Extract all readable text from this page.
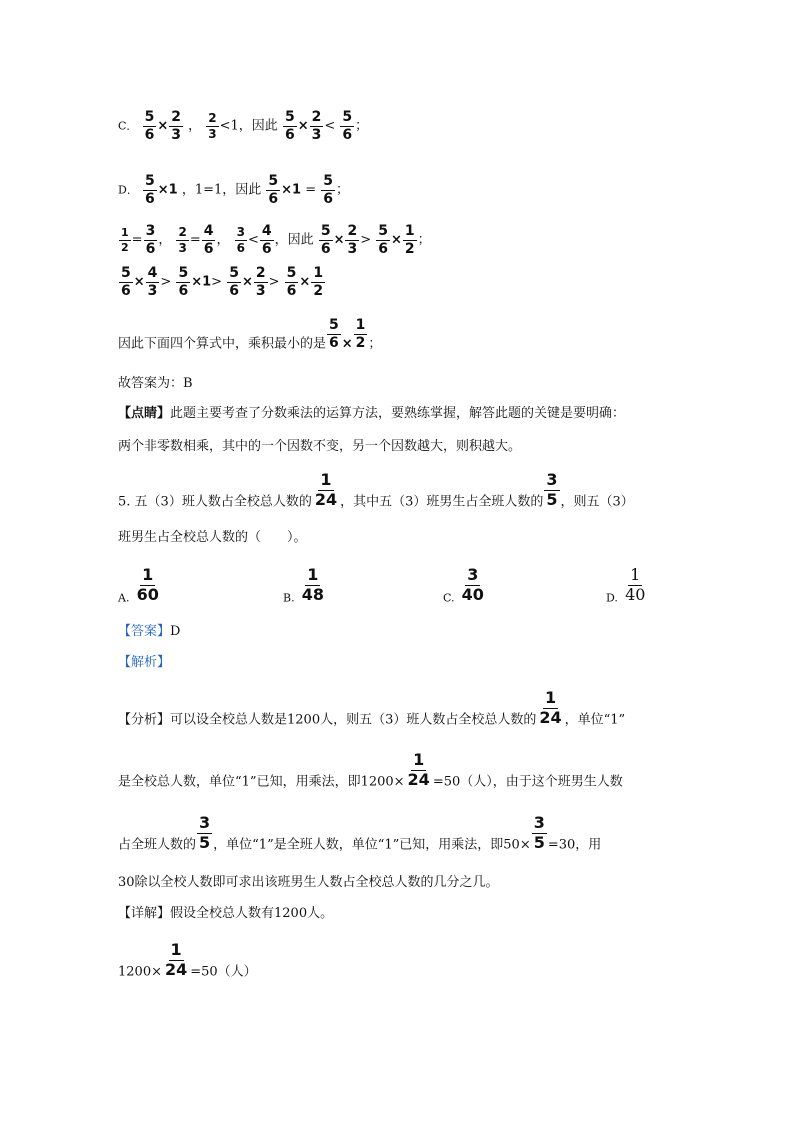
C． $\frac{5}{6} \times \frac{2}{3}$ ， $\frac{2}{3} <1$，因此 $\frac{5}{6} \times \frac{2}{3} < \frac{5}{6}$ ；
D． $\frac{5}{6} \times 1$ ，1=1，因此 $\frac{5}{6} \times 1 = \frac{5}{6}$ ；
$\frac{1}{2} = \frac{3}{6}$ ， $\frac{2}{3} = \frac{4}{6}$ ， $\frac{3}{6} < \frac{4}{6}$ ，因此 $\frac{5}{6} \times \frac{2}{3} > \frac{5}{6} \times \frac{1}{2}$ ；
$\frac{5}{6} \times \frac{4}{3} > \frac{5}{6} \times 1> \frac{5}{6} \times \frac{2}{3} > \frac{5}{6} \times \frac{1}{2}$
因此下面四个算式中，乘积最小的是 $\frac{5}{6} \times \frac{1}{2}$ ；
故答案为：B
【点睛】此题主要考查了分数乘法的运算方法，要熟练掌握，解答此题的关键是要明确：
两个非零数相乘，其中的一个因数不变，另一个因数越大，则积越大。
5. 五（3）班人数占全校总人数的 $\frac{1}{24}$ ，其中五（3）班男生占全班人数的 $\frac{3}{5}$ ，则五（3）
班男生占全校总人数的（　　）。
A. $\frac{1}{60}$	B. $\frac{1}{48}$	C. $\frac{3}{40}$	D. $\frac{1}{40}$
【答案】D
【解析】
【分析】可以设全校总人数是1200人，则五（3）班人数占全校总人数的 $\frac{1}{24}$ ，单位“1”
是全校总人数，单位“1”已知，用乘法，即$1200\times \frac{1}{24} =50$（人），由于这个班男生人数
占全班人数的 $\frac{3}{5}$ ，单位“1”是全班人数，单位“1”已知，用乘法，即$50\times \frac{3}{5} =30$，用
30除以全校人数即可求出该班男生人数占全校总人数的几分之几。
【详解】假设全校总人数有1200人。
$1200\times \frac{1}{24} =50$（人）
